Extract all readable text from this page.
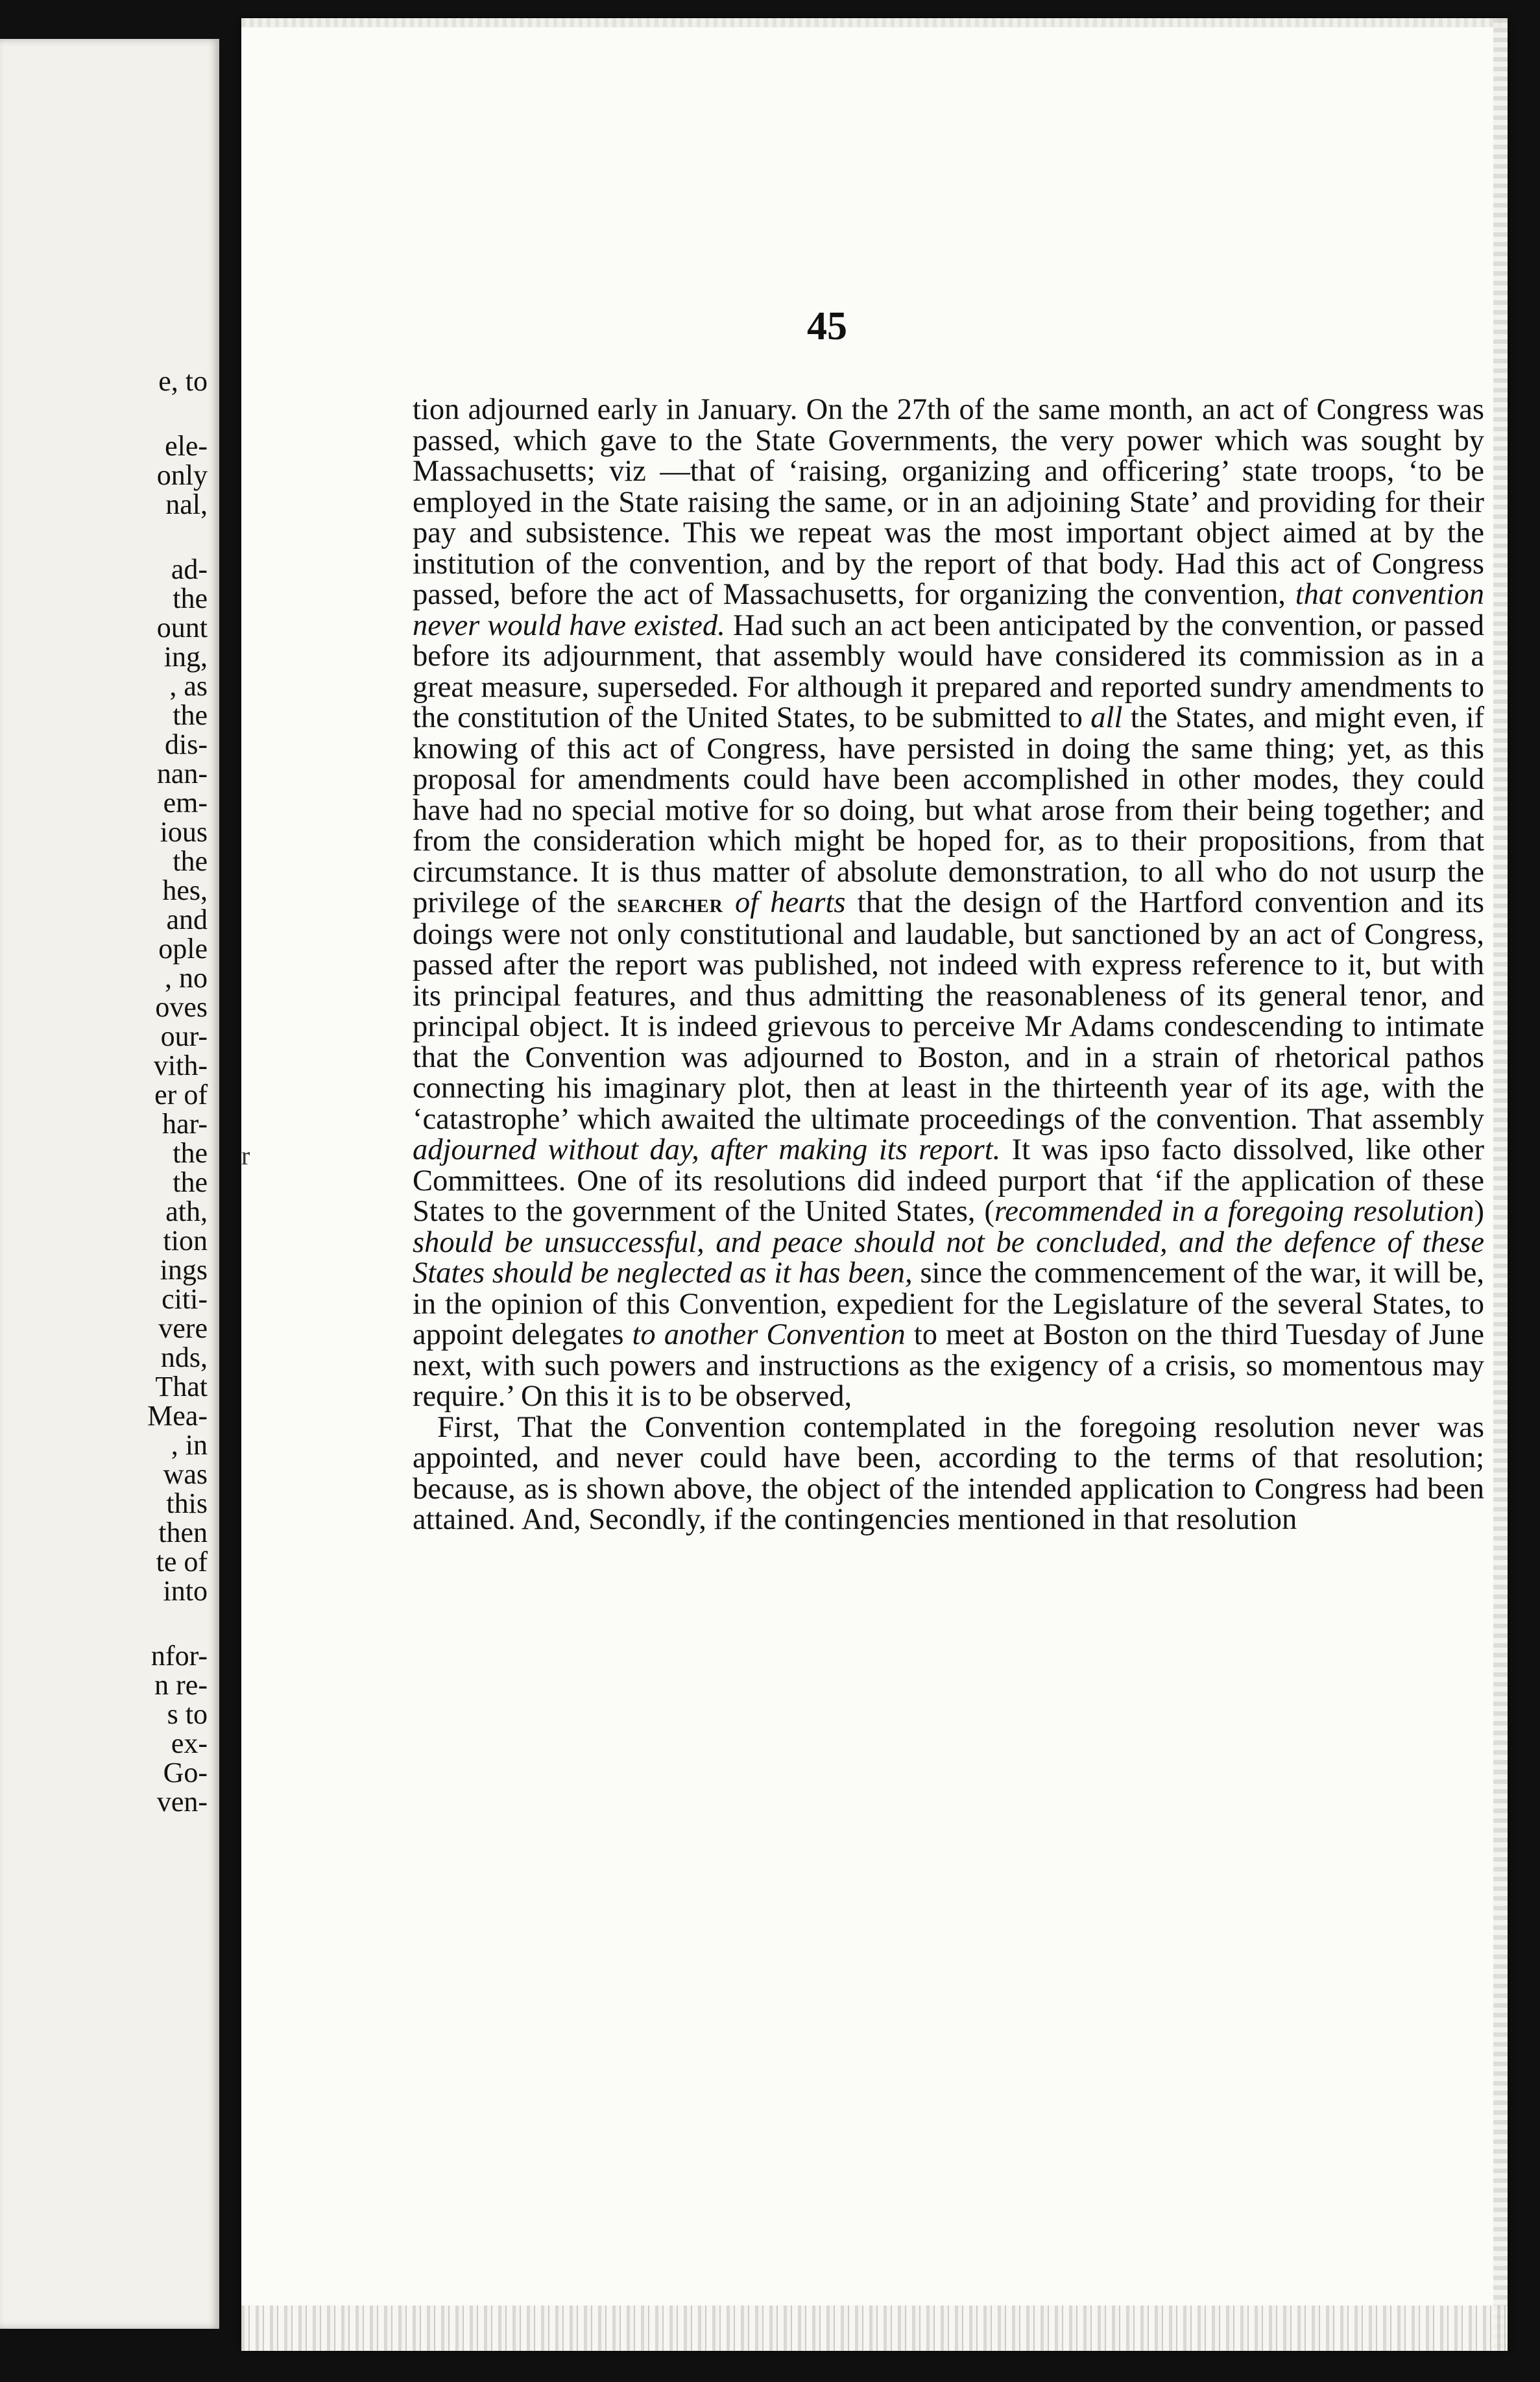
e, to
ele-
only
nal,
ad-
the
ount
ing,
, as
the
dis-
nan-
em-
ious
the
hes,
and
ople
, no
oves
our-
vith-
er of
har-
the
the
ath,
tion
ings
citi-
vere
nds,
That
Mea-
, in
was
this
then
te of
into
nfor-
n re-
s to
ex-
Go-
ven-
45

tion adjourned early in January. On the 27th of the same month, an act of Congress was passed, which gave to the State Governments, the very power which was sought by Massachusetts; viz —that of ‘raising, organizing and officering’ state troops, ‘to be employed in the State raising the same, or in an adjoining State’ and providing for their pay and subsistence. This we repeat was the most important object aimed at by the institution of the convention, and by the report of that body. Had this act of Congress passed, before the act of Massachusetts, for organizing the convention, that convention never would have existed. Had such an act been anticipated by the convention, or passed before its adjournment, that assembly would have considered its commission as in a great measure, superseded. For although it prepared and reported sundry amendments to the constitution of the United States, to be submitted to all the States, and might even, if knowing of this act of Congress, have persisted in doing the same thing; yet, as this proposal for amendments could have been accomplished in other modes, they could have had no special motive for so doing, but what arose from their being together; and from the consideration which might be hoped for, as to their propositions, from that circumstance. It is thus matter of absolute demonstration, to all who do not usurp the privilege of the searcher of hearts that the design of the Hartford convention and its doings were not only constitutional and laudable, but sanctioned by an act of Congress, passed after the report was published, not indeed with express reference to it, but with its principal features, and thus admitting the reasonableness of its general tenor, and principal object. It is indeed grievous to perceive Mr Adams condescending to intimate that the Convention was adjourned to Boston, and in a strain of rhetorical pathos connecting his imaginary plot, then at least in the thirteenth year of its age, with the ‘catastrophe’ which awaited the ultimate proceedings of the convention. That assembly adjourned without day, after making its report. It was ipso facto dissolved, like other Committees. One of its resolutions did indeed purport that ‘if the application of these States to the government of the United States, (recommended in a foregoing resolution) should be unsuccessful, and peace should not be concluded, and the defence of these States should be neglected as it has been, since the commencement of the war, it will be, in the opinion of this Convention, expedient for the Legislature of the several States, to appoint delegates to another Convention to meet at Boston on the third Tuesday of June next, with such powers and instructions as the exigency of a crisis, so momentous may require.’ On this it is to be observed,

First, That the Convention contemplated in the foregoing resolution never was appointed, and never could have been, according to the terms of that resolution; because, as is shown above, the object of the intended application to Congress had been attained. And, Secondly, if the contingencies mentioned in that resolution

r
